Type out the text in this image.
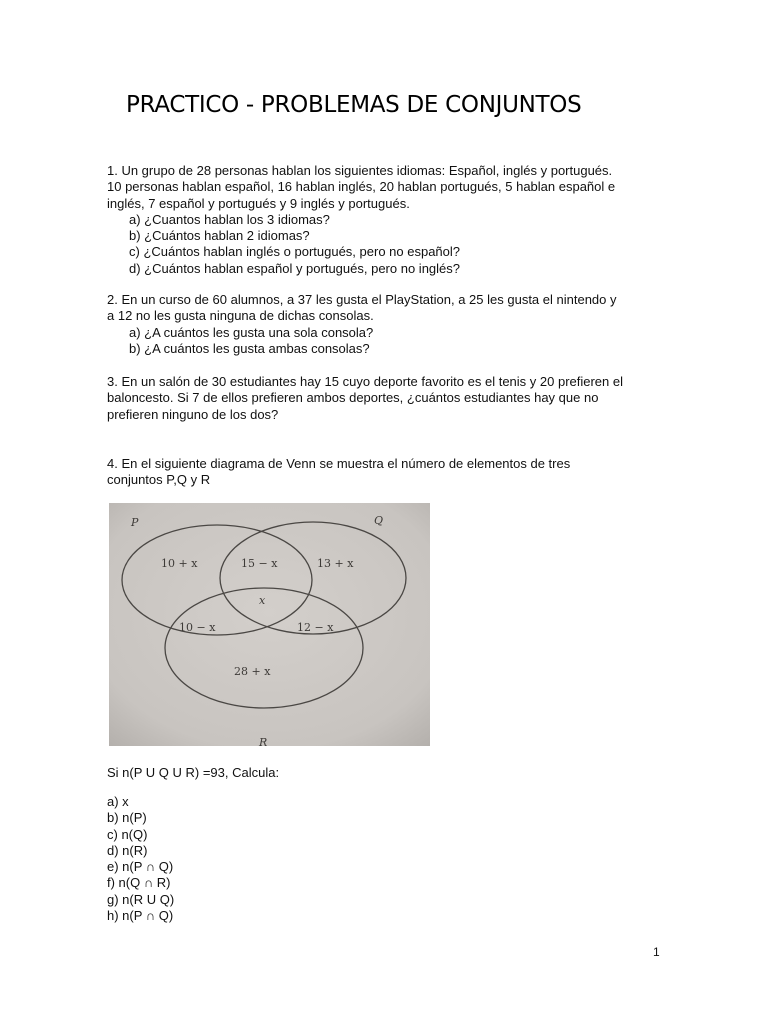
PRACTICO - PROBLEMAS DE CONJUNTOS
1. Un grupo de 28 personas hablan los siguientes idiomas: Español, inglés y portugués.
10 personas hablan español, 16 hablan inglés, 20 hablan portugués, 5 hablan español e
inglés, 7 español y portugués y 9 inglés y portugués.
a) ¿Cuantos hablan los 3 idiomas?
b) ¿Cuántos hablan 2 idiomas?
c) ¿Cuántos hablan inglés o portugués, pero no español?
d) ¿Cuántos hablan español y portugués, pero no inglés?
2. En un curso de 60 alumnos, a 37 les gusta el PlayStation, a 25 les gusta el nintendo y
a 12 no les gusta ninguna de dichas consolas.
a) ¿A cuántos les gusta una sola consola?
b) ¿A cuántos les gusta ambas consolas?
3. En un salón de 30 estudiantes hay 15 cuyo deporte favorito es el tenis y 20 prefieren el
baloncesto. Si 7 de ellos prefieren ambos deportes, ¿cuántos estudiantes hay que no
prefieren ninguno de los dos?
4. En el siguiente diagrama de Venn se muestra el número de elementos de tres
conjuntos P,Q y R
P	Q
R
10 + x	15 − x	13 + x
x
10 − x	12 − x
28 + x
Si n(P U Q U R) =93, Calcula:
a) x
b) n(P)
c) n(Q)
d) n(R)
e) n(P ∩ Q)
f) n(Q ∩ R)
g) n(R U Q)
h) n(P ∩ Q)
1
